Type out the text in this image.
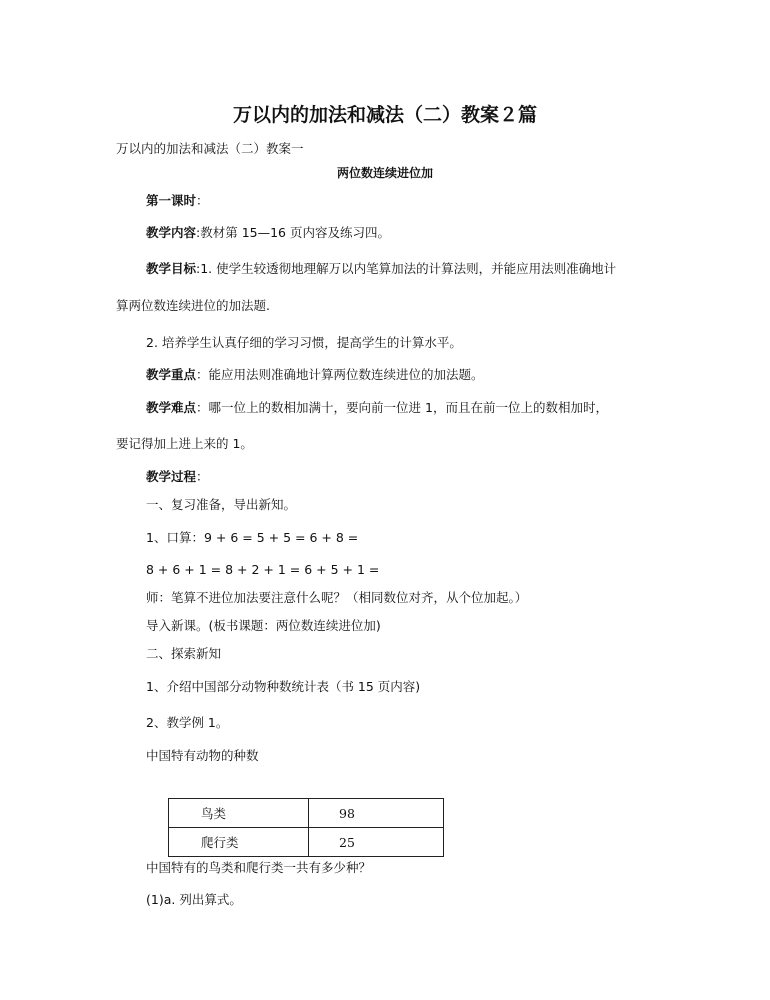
万以内的加法和减法（二）教案２篇
万以内的加法和减法（二）教案一
两位数连续进位加
第一课时：
教学内容:教材第 15—16 页内容及练习四。
教学目标:1. 使学生较透彻地理解万以内笔算加法的计算法则，并能应用法则准确地计
算两位数连续进位的加法题.
2. 培养学生认真仔细的学习习惯，提高学生的计算水平。
教学重点：能应用法则准确地计算两位数连续进位的加法题。
教学难点：哪一位上的数相加满十，要向前一位进 1，而且在前一位上的数相加时，
要记得加上进上来的 1。
教学过程：
一、复习准备，导出新知。
1、口算：9 + 6 = 5 + 5 = 6 + 8 =
8 + 6 + 1 = 8 + 2 + 1 = 6 + 5 + 1 =
师：笔算不进位加法要注意什么呢？（相同数位对齐，从个位加起。）
导入新课。(板书课题：两位数连续进位加)
二、探索新知
1、介绍中国部分动物种数统计表（书 15 页内容)
2、教学例 1。
中国特有动物的种数
鸟类	98
爬行类	25
中国特有的鸟类和爬行类一共有多少种？
(1)a. 列出算式。
